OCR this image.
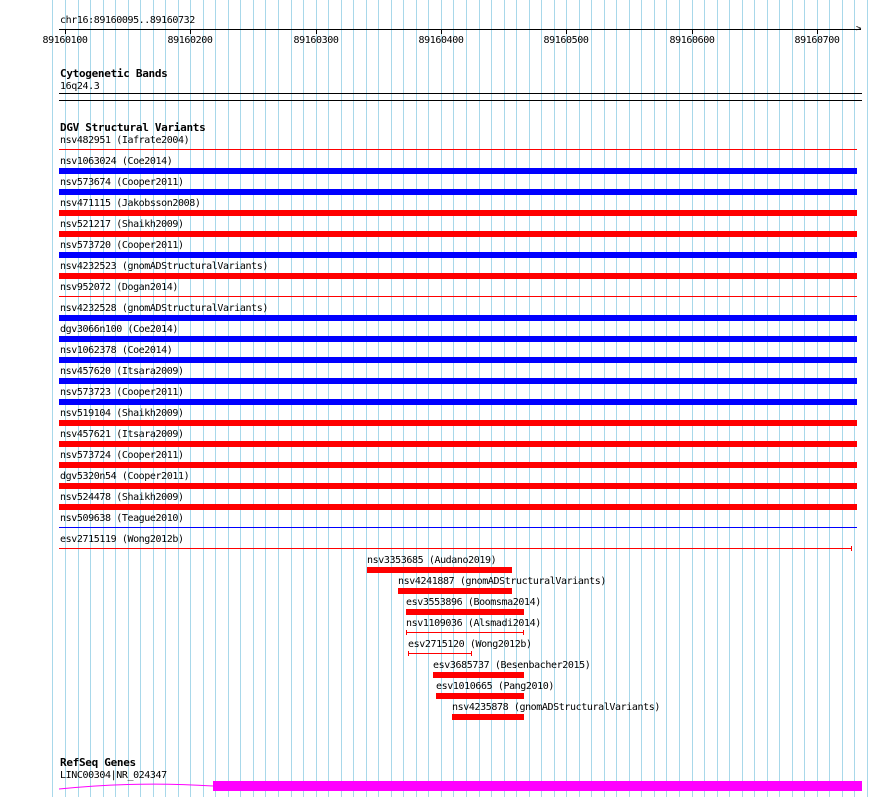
chr16:89160095..89160732
>
89160100	89160200	89160300	89160400	89160500	89160600	89160700
Cytogenetic Bands
16q24.3
DGV Structural Variants
nsv482951 (Iafrate2004)
nsv1063024 (Coe2014)
nsv573674 (Cooper2011)
nsv471115 (Jakobsson2008)
nsv521217 (Shaikh2009)
nsv573720 (Cooper2011)
nsv4232523 (gnomADStructuralVariants)
nsv952072 (Dogan2014)
nsv4232528 (gnomADStructuralVariants)
dgv3066n100 (Coe2014)
nsv1062378 (Coe2014)
nsv457620 (Itsara2009)
nsv573723 (Cooper2011)
nsv519104 (Shaikh2009)
nsv457621 (Itsara2009)
nsv573724 (Cooper2011)
dgv5320n54 (Cooper2011)
nsv524478 (Shaikh2009)
nsv509638 (Teague2010)
esv2715119 (Wong2012b)
nsv3353685 (Audano2019)
nsv4241887 (gnomADStructuralVariants)
esv3553896 (Boomsma2014)
nsv1109036 (Alsmadi2014)
esv2715120 (Wong2012b)
esv3685737 (Besenbacher2015)
esv1010665 (Pang2010)
nsv4235878 (gnomADStructuralVariants)
RefSeq Genes
LINC00304|NR_024347
